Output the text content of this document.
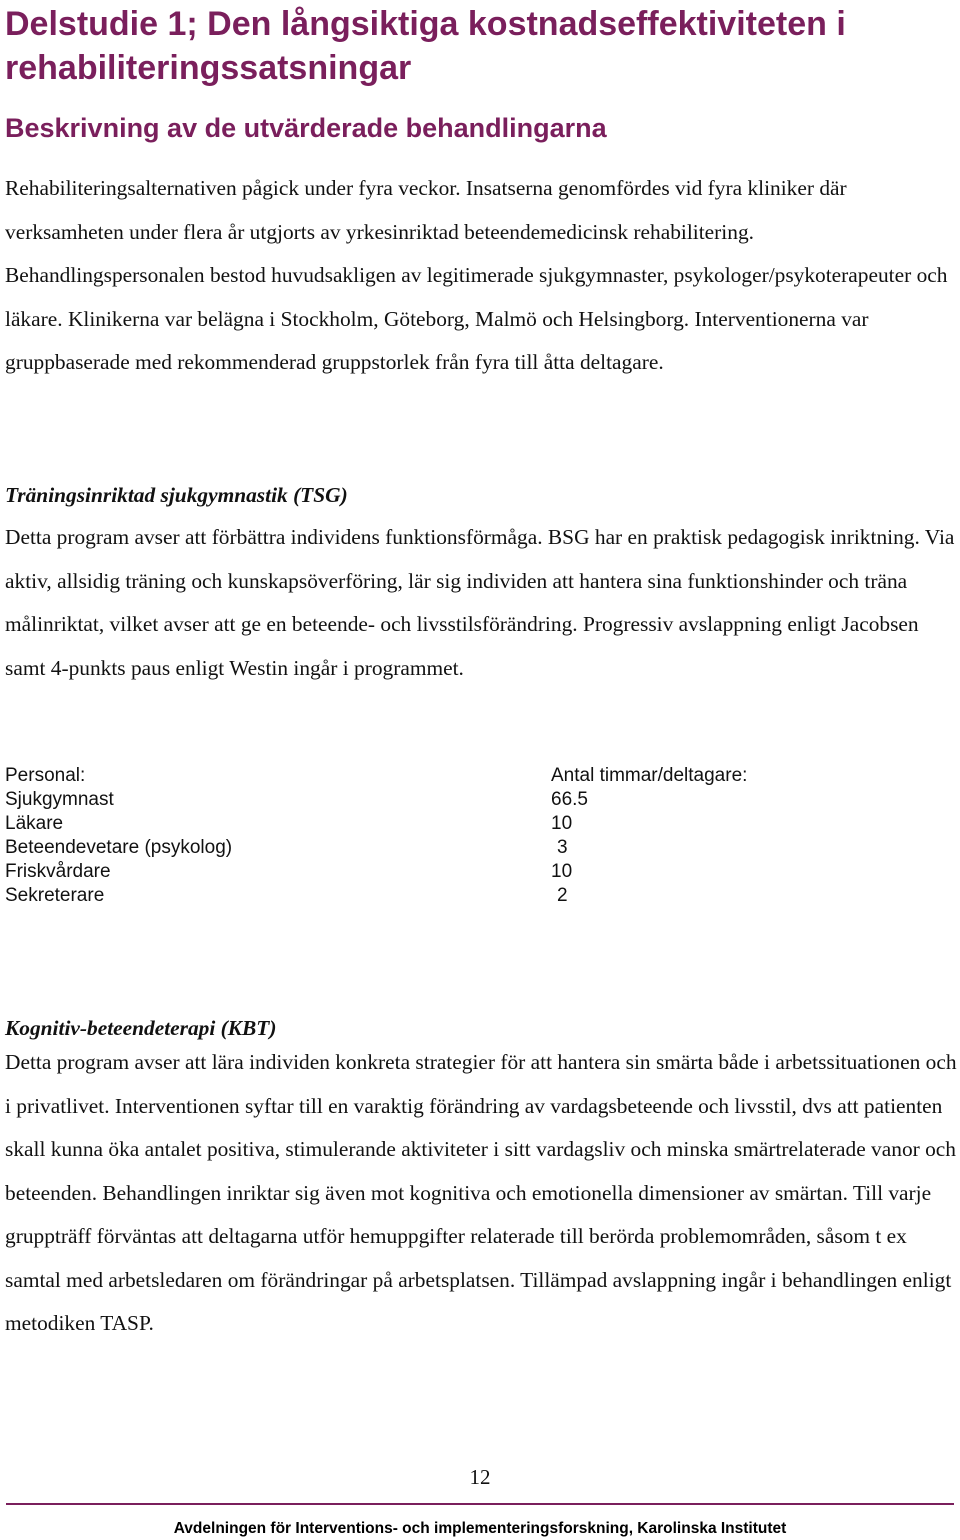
Delstudie 1; Den långsiktiga kostnadseffektiviteten i rehabiliteringssatsningar
Beskrivning av de utvärderade behandlingarna

Rehabiliteringsalternativen pågick under fyra veckor. Insatserna genomfördes vid fyra kliniker där verksamheten under flera år utgjorts av yrkesinriktad beteendemedicinsk rehabilitering. Behandlingspersonalen bestod huvudsakligen av legitimerade sjukgymnaster, psykologer/psykoterapeuter och läkare. Klinikerna var belägna i Stockholm, Göteborg, Malmö och Helsingborg. Interventionerna var gruppbaserade med rekommenderad gruppstorlek från fyra till åtta deltagare.

Träningsinriktad sjukgymnastik (TSG)

Detta program avser att förbättra individens funktionsförmåga. BSG har en praktisk pedagogisk inriktning. Via aktiv, allsidig träning och kunskapsöverföring, lär sig individen att hantera sina funktionshinder och träna målinriktat, vilket avser att ge en beteende- och livsstilsförändring. Progressiv avslappning enligt Jacobsen samt 4-punkts paus enligt Westin ingår i programmet.

Personal:	Antal timmar/deltagare:
Sjukgymnast	66.5
Läkare	10
Beteendevetare (psykolog)	3
Friskvårdare	10
Sekreterare	2
Kognitiv-beteendeterapi (KBT)

Detta program avser att lära individen konkreta strategier för att hantera sin smärta både i arbetssituationen och i privatlivet. Interventionen syftar till en varaktig förändring av vardagsbeteende och livsstil, dvs att patienten skall kunna öka antalet positiva, stimulerande aktiviteter i sitt vardagsliv och minska smärtrelaterade vanor och beteenden. Behandlingen inriktar sig även mot kognitiva och emotionella dimensioner av smärtan. Till varje gruppträff förväntas att deltagarna utför hemuppgifter relaterade till berörda problemområden, såsom t ex samtal med arbetsledaren om förändringar på arbetsplatsen. Tillämpad avslappning ingår i behandlingen enligt metodiken TASP.

12
Avdelningen för Interventions- och implementeringsforskning, Karolinska Institutet
